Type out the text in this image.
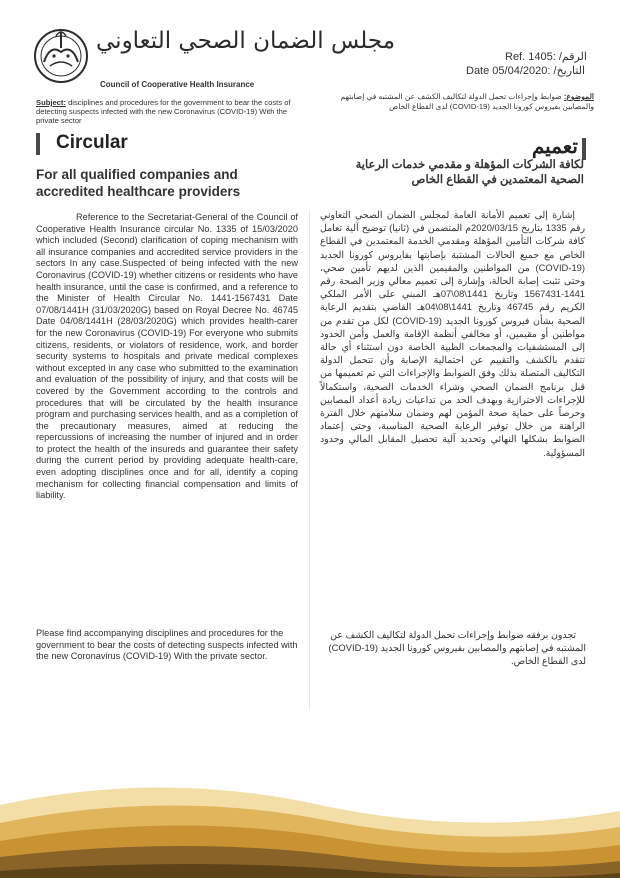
مجلس الضمان الصحي التعاوني
Council of Cooperative Health Insurance
الرقم/ :Ref. 1405
التاريخ/ :Date 05/04/2020
Subject: disciplines and procedures for the government to bear the costs of detecting suspects infected with the new Coronavirus (COVID-19) With the private sector
الموضوع: ضوابط وإجراءات تحمل الدولة لتكاليف الكشف عن المشتبه في إصابتهم والمصابين بفيروس كورونا الجديد (COVID-19) لدى القطاع الخاص
Circular	تعميم
For all qualified companies and accredited healthcare providers
لكافة الشركات المؤهلة و مقدمي خدمات الرعاية الصحية المعتمدين في القطاع الخاص
Reference to the Secretariat-General of the Council of Cooperative Health Insurance circular No. 1335 of 15/03/2020 which included (Second) clarification of coping mechanism with all insurance companies and accredited service providers in the sectors In any case.Suspected of being infected with the new Coronavirus (COVID-19) whether citizens or residents who have health insurance, until the case is confirmed, and a reference to the Minister of Health Circular No. 1441-1567431 Date 07/08/1441H (31/03/2020G) based on Royal Decree No. 46745 Date 04/08/1441H (28/03/2020G) which provides health-carer for the new Coronavirus (COVID-19) For everyone who submits citizens, residents, or violators of residence, work, and border security systems to hospitals and private medical complexes without excepted in any case who submitted to the examination and evaluation of the possibility of injury, and that costs will be covered by the Government according to the controls and procedures that will be circulated by the health insurance program and purchasing services health, and as a completion of the precautionary measures, aimed at reducing the repercussions of increasing the number of injured and in order to protect the health of the insureds and guarantee their safety during the current period by providing adequate health-care, even adopting disciplines once and for all, identify a coping mechanism for collecting financial compensation and limits of liability.
إشارة إلى تعميم الأمانة العامة لمجلس الضمان الصحي التعاوني رقم 1335 بتاريخ 2020/03/15م المتضمن في (ثانيا) توضيح آلية تعامل كافة شركات التأمين المؤهلة ومقدمي الخدمة المعتمدين في القطاع الخاص مع جميع الحالات المشتبة بإصابتها بفايروس كورونا الجديد (COVID-19) من المواطنين والمقيمين الذين لديهم تأمين صحي، وحتى تثبت إصابة الحالة، وإشارة إلى تعميم معالي وزير الصحة رقم 1441-1567431 وتاريخ 1441\08\07هـ المبني على الأمر الملكي الكريم رقم 46745 وتاريخ 1441\08\04هـ القاضي بتقديم الرعاية الصحية بشأن فيروس كورونا الجديد (COVID-19) لكل من تقدم من مواطنين أو مقيمين، أو مخالفي أنظمة الإقامة والعمل وأمن الحدود إلى المستشفيات والمجمعات الطبية الخاصة دون استثناء أي حالة تتقدم بالكشف والتقييم عن احتمالية الإصابة وأن تتحمل الدولة التكاليف المتصلة بذلك وفق الضوابط والإجراءات التي تم تعميمها من قبل برنامج الضمان الصحي وشراء الخدمات الصحية، واستكمالاً للإجراءات الاحترازية وبهدف الحد من تداعيات زيادة أعداد المصابين وحرصاً على حماية صحة المؤمن لهم وضمان سلامتهم خلال الفترة الراهنة من خلال توفير الرعاية الصحية المناسبة، وحتى إعتماد الضوابط بشكلها النهائي وتحديد آلية تحصيل المقابل المالي وحدود المسؤولية.
Please find accompanying disciplines and procedures for the government to bear the costs of detecting suspects infected with the new Coronavirus (COVID-19) With the private sector.
تجدون برفقه ضوابط وإجراءات تحمل الدولة لتكاليف الكشف عن المشتبه في إصابتهم والمصابين بفيروس كورونا الجديد (COVID-19) لدى القطاع الخاص.
